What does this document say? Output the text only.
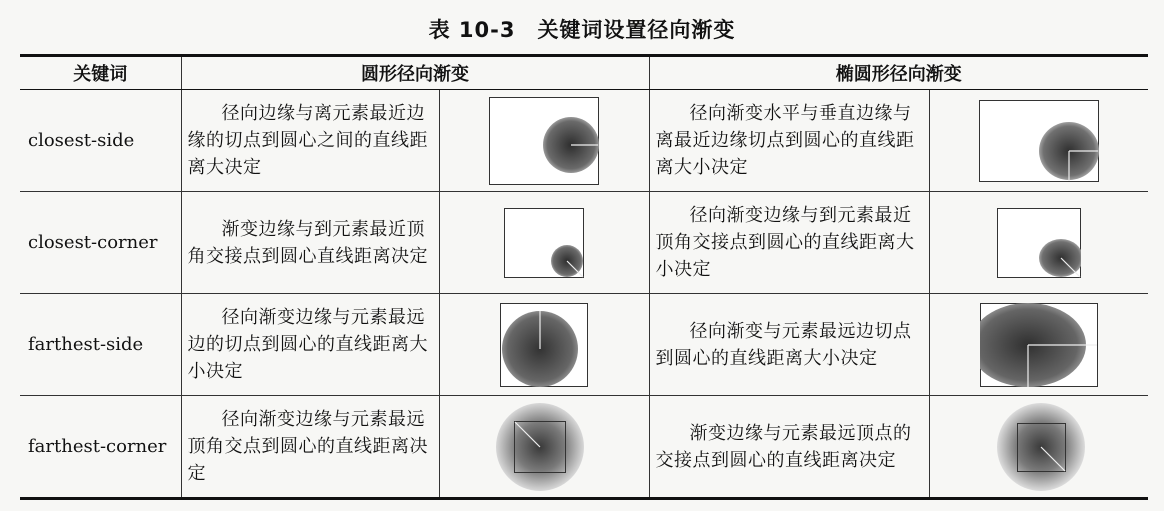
表 10-3 关键词设置径向渐变
关键词	圆形径向渐变		椭圆形径向渐变	
closest-side	径向边缘与离元素最近边缘的切点到圆心之间的直线距离大决定		径向渐变水平与垂直边缘与离最近边缘切点到圆心的直线距离大小决定	

closest-corner	渐变边缘与到元素最近顶角交接点到圆心直线距离决定		径向渐变边缘与到元素最近顶角交接点到圆心的直线距离大小决定	

farthest-side	径向渐变边缘与元素最远边的切点到圆心的直线距离大小决定		径向渐变与元素最远边切点到圆心的直线距离大小决定	

farthest-corner	径向渐变边缘与元素最远顶角交点到圆心的直线距离决定		渐变边缘与元素最远顶点的交接点到圆心的直线距离决定	
